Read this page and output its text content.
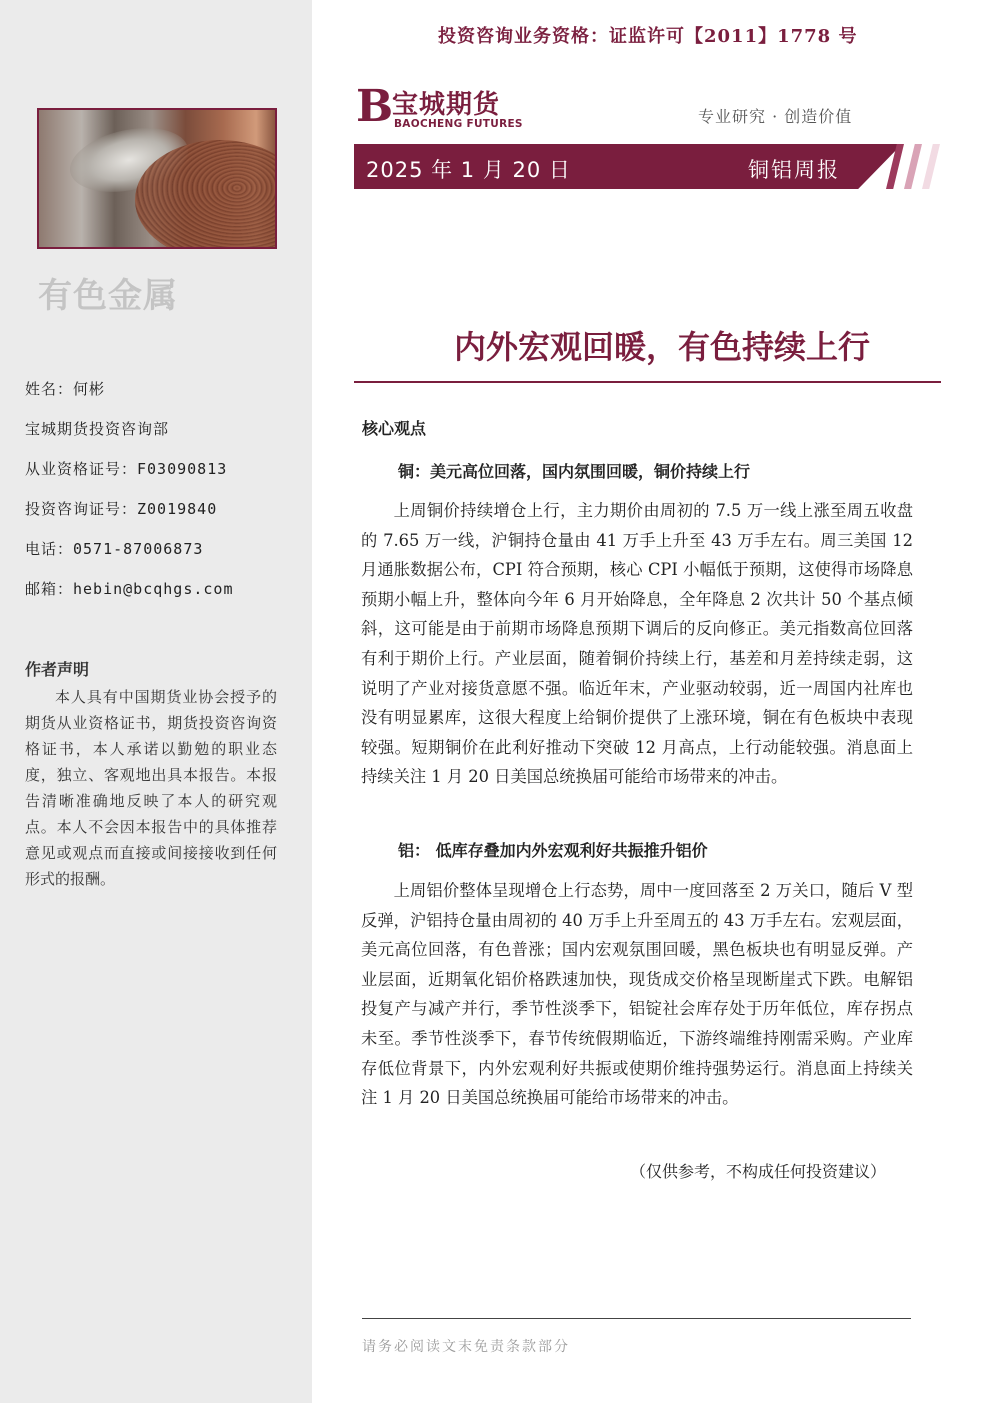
有色金属
姓名：何彬
宝城期货投资咨询部
从业资格证号：F03090813
投资咨询证号：Z0019840
电话：0571-87006873
邮箱：hebin@bcqhgs.com
作者声明
本人具有中国期货业协会授予的期货从业资格证书，期货投资咨询资格证书，本人承诺以勤勉的职业态度，独立、客观地出具本报告。本报告清晰准确地反映了本人的研究观点。本人不会因本报告中的具体推荐意见或观点而直接或间接接收到任何形式的报酬。
投资咨询业务资格：证监许可【2011】1778 号
B
宝城期货
BAOCHENG FUTURES	专业研究 · 创造价值
2025 年 1 月 20 日	铜铝周报
内外宏观回暖，有色持续上行
核心观点
铜：美元高位回落，国内氛围回暖，铜价持续上行
上周铜价持续增仓上行，主力期价由周初的 7.5 万一线上涨至周五收盘的 7.65 万一线，沪铜持仓量由 41 万手上升至 43 万手左右。周三美国 12 月通胀数据公布，CPI 符合预期，核心 CPI 小幅低于预期，这使得市场降息预期小幅上升，整体向今年 6 月开始降息，全年降息 2 次共计 50 个基点倾斜，这可能是由于前期市场降息预期下调后的反向修正。美元指数高位回落有利于期价上行。产业层面，随着铜价持续上行，基差和月差持续走弱，这说明了产业对接货意愿不强。临近年末，产业驱动较弱，近一周国内社库也没有明显累库，这很大程度上给铜价提供了上涨环境，铜在有色板块中表现较强。短期铜价在此利好推动下突破 12 月高点，上行动能较强。消息面上持续关注 1 月 20 日美国总统换届可能给市场带来的冲击。
铝： 低库存叠加内外宏观利好共振推升铝价
上周铝价整体呈现增仓上行态势，周中一度回落至 2 万关口，随后 V 型反弹，沪铝持仓量由周初的 40 万手上升至周五的 43 万手左右。宏观层面，美元高位回落，有色普涨；国内宏观氛围回暖，黑色板块也有明显反弹。产业层面，近期氧化铝价格跌速加快，现货成交价格呈现断崖式下跌。电解铝投复产与减产并行，季节性淡季下，铝锭社会库存处于历年低位，库存拐点未至。季节性淡季下，春节传统假期临近，下游终端维持刚需采购。产业库存低位背景下，内外宏观利好共振或使期价维持强势运行。消息面上持续关注 1 月 20 日美国总统换届可能给市场带来的冲击。
（仅供参考，不构成任何投资建议）
请务必阅读文末免责条款部分
